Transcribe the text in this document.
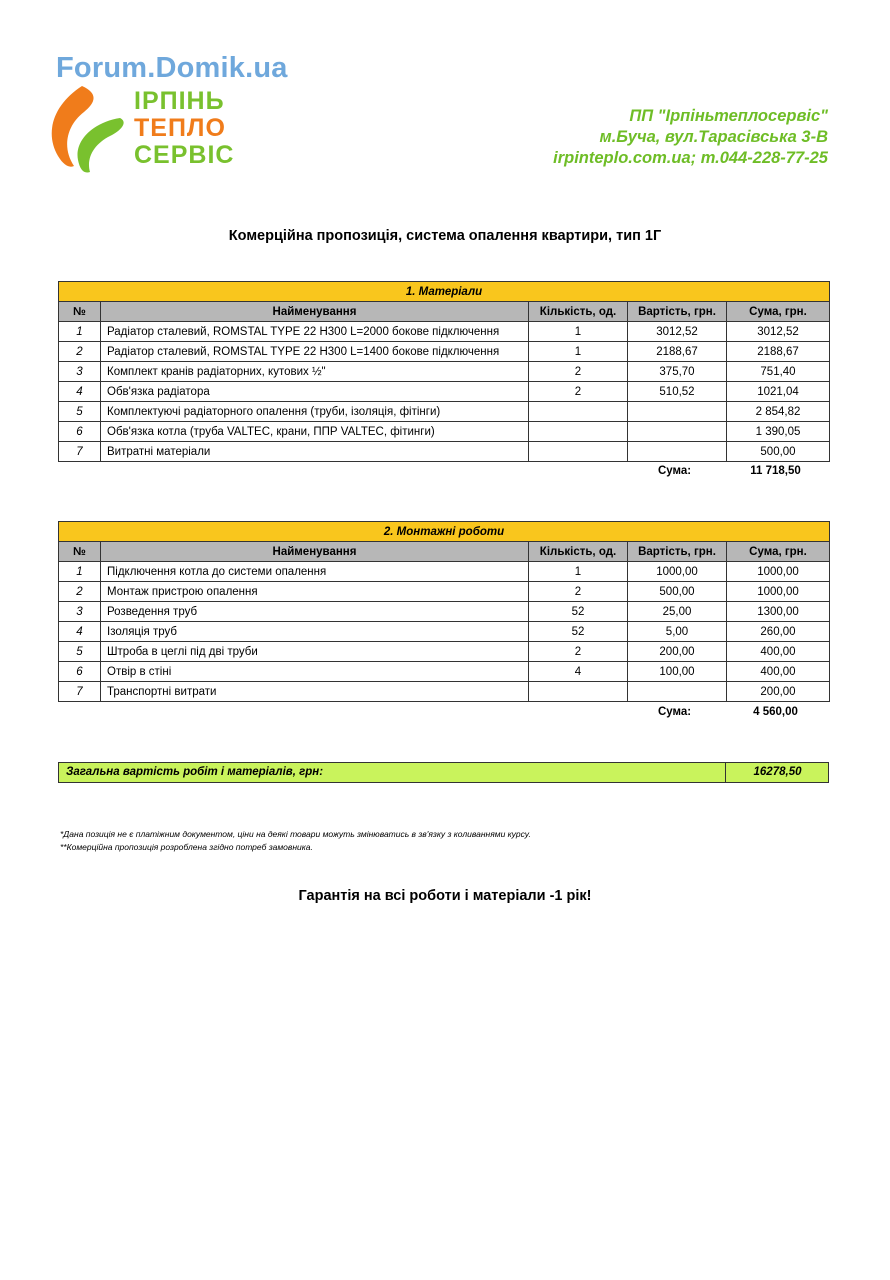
Forum.Domik.ua
ІРПІНЬ
ТЕПЛО
СЕРВІС
ПП "Ірпіньтеплосервіс"
м.Буча, вул.Тарасівська 3-В
irpinteplo.com.ua; т.044-228-77-25
Комерційна пропозиція, система опалення квартири, тип 1Г
1. Матеріали				
№	Найменування	Кількість, од.	Вартість, грн.	Сума, грн.
1	Радіатор сталевий, ROMSTAL TYPE 22 H300 L=2000 бокове підключення	1	3012,52	3012,52
2	Радіатор сталевий, ROMSTAL TYPE 22 H300 L=1400 бокове підключення	1	2188,67	2188,67
3	Комплект кранів радіаторних, кутових ½"	2	375,70	751,40
4	Обв'язка радіатора	2	510,52	1021,04
5	Комплектуючі радіаторного опалення (труби, ізоляція, фітінги)			2 854,82
6	Обв'язка котла (труба VALTEC, крани, ППР VALTEC, фітинги)			1 390,05
7	Витратні матеріали			500,00
Сума:	11 718,50
2. Монтажні роботи				
№	Найменування	Кількість, од.	Вартість, грн.	Сума, грн.
1	Підключення котла до системи опалення	1	1000,00	1000,00
2	Монтаж пристрою опалення	2	500,00	1000,00
3	Розведення труб	52	25,00	1300,00
4	Ізоляція труб	52	5,00	260,00
5	Штроба в цеглі під дві труби	2	200,00	400,00
6	Отвір в стіні	4	100,00	400,00
7	Транспортні витрати			200,00
Сума:	4 560,00
Загальна вартість робіт і матеріалів, грн:	16278,50
*Дана позиція не є платіжним документом, ціни на деякі товари можуть змінюватись в зв'язку з коливаннями курсу.
**Комерційна пропозиція розроблена згідно потреб замовника.
Гарантія на всі роботи і матеріали -1 рік!
